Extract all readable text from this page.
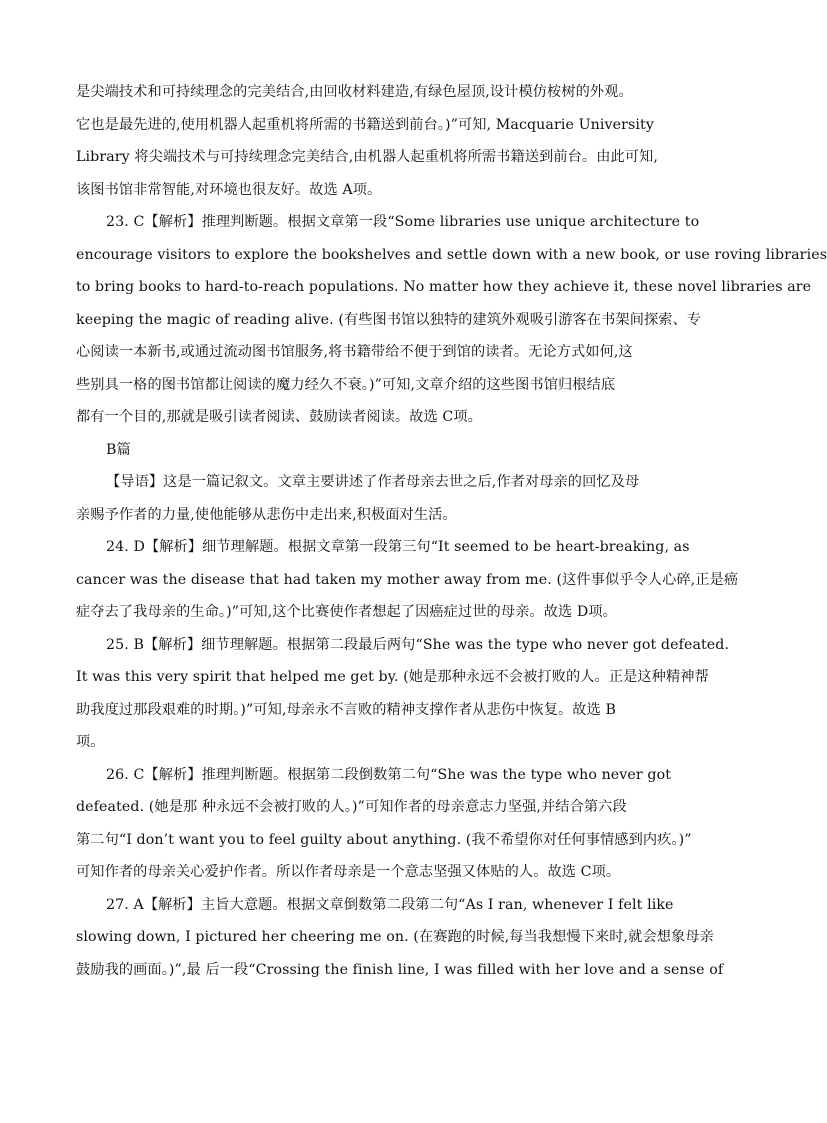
是尖端技术和可持续理念的完美结合,由回收材料建造,有绿色屋顶,设计模仿桉树的外观。
它也是最先进的,使用机器人起重机将所需的书籍送到前台。)”可知, Macquarie University
Library 将尖端技术与可持续理念完美结合,由机器人起重机将所需书籍送到前台。由此可知,
该图书馆非常智能,对环境也很友好。故选 A项。
23. C【解析】推理判断题。根据文章第一段“Some libraries use unique architecture to
encourage visitors to explore the bookshelves and settle down with a new book, or use roving libraries
to bring books to hard-to-reach populations. No matter how they achieve it, these novel libraries are
keeping the magic of reading alive. (有些图书馆以独特的建筑外观吸引游客在书架间探索、专
心阅读一本新书,或通过流动图书馆服务,将书籍带给不便于到馆的读者。无论方式如何,这
些别具一格的图书馆都让阅读的魔力经久不衰。)”可知,文章介绍的这些图书馆归根结底
都有一个目的,那就是吸引读者阅读、鼓励读者阅读。故选 C项。
B篇
【导语】这是一篇记叙文。文章主要讲述了作者母亲去世之后,作者对母亲的回忆及母
亲赐予作者的力量,使他能够从悲伤中走出来,积极面对生活。
24. D【解析】细节理解题。根据文章第一段第三句“It seemed to be heart-breaking, as
cancer was the disease that had taken my mother away from me. (这件事似乎令人心碎,正是癌
症夺去了我母亲的生命。)”可知,这个比赛使作者想起了因癌症过世的母亲。故选 D项。
25. B【解析】细节理解题。根据第二段最后两句“She was the type who never got defeated.
It was this very spirit that helped me get by. (她是那种永远不会被打败的人。正是这种精神帮
助我度过那段艰难的时期。)”可知,母亲永不言败的精神支撑作者从悲伤中恢复。故选 B
项。
26. C【解析】推理判断题。根据第二段倒数第二句“She was the type who never got
defeated. (她是那 种永远不会被打败的人。)”可知作者的母亲意志力坚强,并结合第六段
第二句“I don’t want you to feel guilty about anything. (我不希望你对任何事情感到内疚。)”
可知作者的母亲关心爱护作者。所以作者母亲是一个意志坚强又体贴的人。故选 C项。
27. A【解析】主旨大意题。根据文章倒数第二段第二句“As I ran, whenever I felt like
slowing down, I pictured her cheering me on. (在赛跑的时候,每当我想慢下来时,就会想象母亲
鼓励我的画面。)”,最 后一段“Crossing the finish line, I was filled with her love and a sense of
